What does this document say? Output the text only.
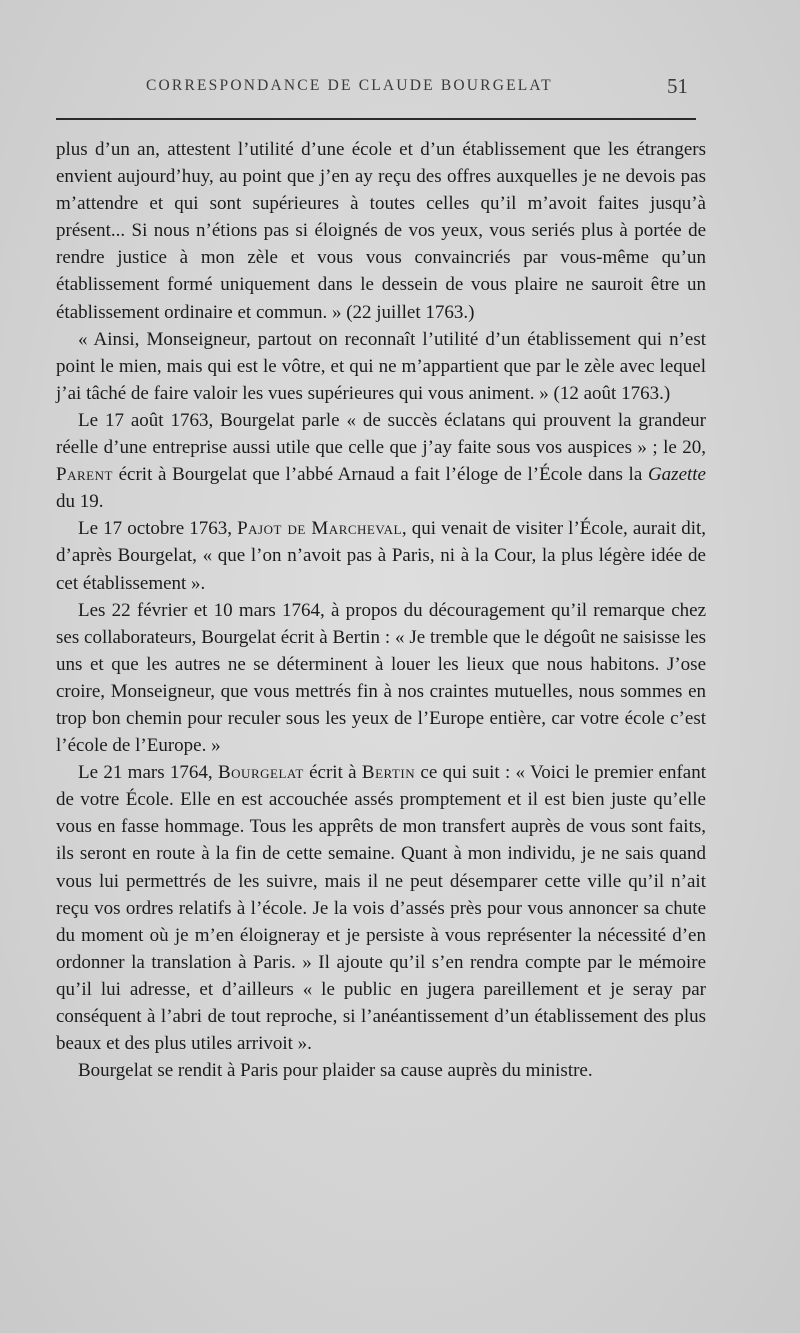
CORRESPONDANCE DE CLAUDE BOURGELAT	51

plus d’un an, attestent l’utilité d’une école et d’un établissement que les étrangers envient aujourd’huy, au point que j’en ay reçu des offres auxquelles je ne devois pas m’attendre et qui sont supérieures à toutes celles qu’il m’avoit faites jusqu’à présent... Si nous n’étions pas si éloignés de vos yeux, vous seriés plus à portée de rendre justice à mon zèle et vous vous convaincriés par vous-même qu’un établissement formé uniquement dans le dessein de vous plaire ne sauroit être un établissement ordinaire et commun. » (22 juillet 1763.)

« Ainsi, Monseigneur, partout on reconnaît l’utilité d’un établissement qui n’est point le mien, mais qui est le vôtre, et qui ne m’appartient que par le zèle avec lequel j’ai tâché de faire valoir les vues supérieures qui vous animent. » (12 août 1763.)

Le 17 août 1763, Bourgelat parle « de succès éclatans qui prouvent la grandeur réelle d’une entreprise aussi utile que celle que j’ay faite sous vos auspices » ; le 20, Parent écrit à Bourgelat que l’abbé Arnaud a fait l’éloge de l’École dans la Gazette du 19.

Le 17 octobre 1763, Pajot de Marcheval, qui venait de visiter l’École, aurait dit, d’après Bourgelat, « que l’on n’avoit pas à Paris, ni à la Cour, la plus légère idée de cet établissement ».

Les 22 février et 10 mars 1764, à propos du découragement qu’il remarque chez ses collaborateurs, Bourgelat écrit à Bertin : « Je tremble que le dégoût ne saisisse les uns et que les autres ne se déterminent à louer les lieux que nous habitons. J’ose croire, Monseigneur, que vous mettrés fin à nos craintes mutuelles, nous sommes en trop bon chemin pour reculer sous les yeux de l’Europe entière, car votre école c’est l’école de l’Europe. »

Le 21 mars 1764, Bourgelat écrit à Bertin ce qui suit : « Voici le premier enfant de votre École. Elle en est accouchée assés promptement et il est bien juste qu’elle vous en fasse hommage. Tous les apprêts de mon transfert auprès de vous sont faits, ils seront en route à la fin de cette semaine. Quant à mon individu, je ne sais quand vous lui permettrés de les suivre, mais il ne peut désemparer cette ville qu’il n’ait reçu vos ordres relatifs à l’école. Je la vois d’assés près pour vous annoncer sa chute du moment où je m’en éloigneray et je persiste à vous représenter la nécessité d’en ordonner la translation à Paris. » Il ajoute qu’il s’en rendra compte par le mémoire qu’il lui adresse, et d’ailleurs « le public en jugera pareillement et je seray par conséquent à l’abri de tout reproche, si l’anéantissement d’un établissement des plus beaux et des plus utiles arrivoit ».

Bourgelat se rendit à Paris pour plaider sa cause auprès du ministre.
